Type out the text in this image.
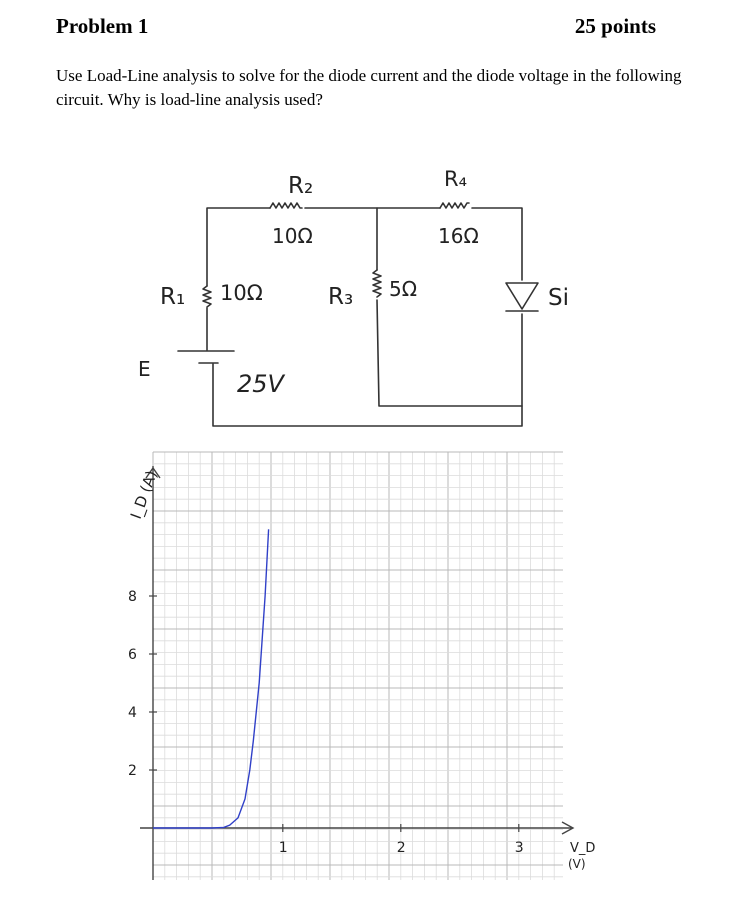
Problem 1	25 points
Use Load-Line analysis to solve for the diode current and the diode voltage in the following circuit. Why is load-line analysis used?
R₂
10Ω
R₄
16Ω
R₁ 10Ω	R₃ 5Ω	Si
E
25V
2
4
6
8
1	2	3
I_D (A)
V_D
(V)
